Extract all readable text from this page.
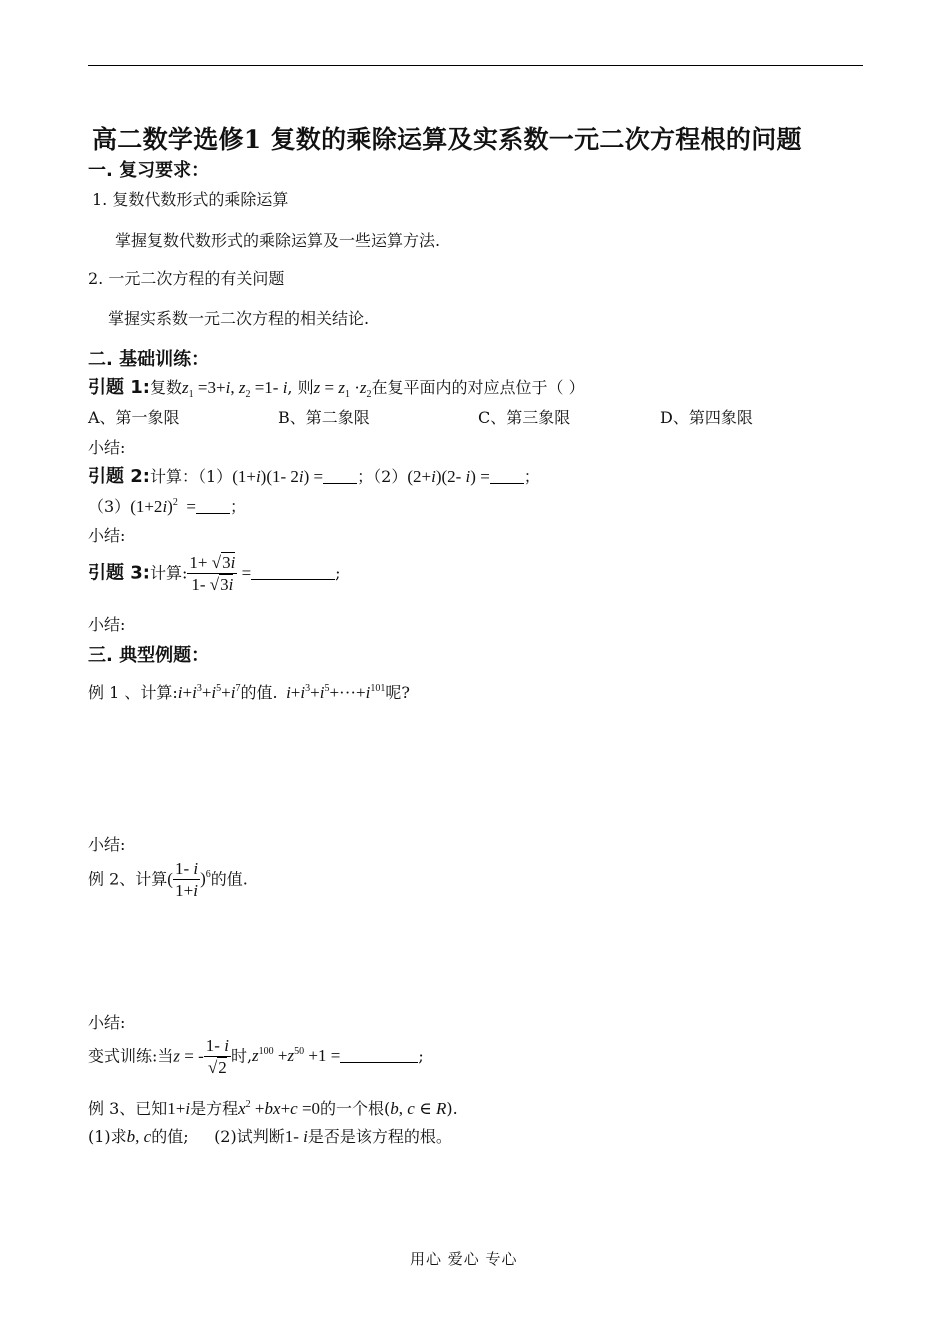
高二数学选修1 复数的乘除运算及实系数一元二次方程根的问题
一. 复习要求：
1. 复数代数形式的乘除运算
掌握复数代数形式的乘除运算及一些运算方法.
2. 一元二次方程的有关问题
掌握实系数一元二次方程的相关结论.
二. 基础训练：
引题 1:复数$z_1 =3+i$, $z_2 =1-$ i, 则$z = z_1 \cdot z_2$在复平面内的对应点位于（ ）
A、第一象限	B、第二象限	C、第三象限	D、第四象限
小结:
引题 2:计算：（1）(1+i)(1- 2i) = ；（2）(2+i)(2- i) = ；
$(3)(1+2i)^2$  = ；
小结:
引题 3:计算: $\frac{1+ √3i}{1- √3i}$ =	;
小结:
三. 典型例题：
例 1 、计算$:i+i^3+i^5+i^7$的值. $i+i^3+i^5+\cdot\cdot\cdot+i^{101}$呢?
小结:
例 2、计算( $\frac{1- i}{1+i} )^6$的值.
小结:
变式训练:当z = - $\frac{1- i}{√2}$ 时$,z^{100} +z^{50} +1$ =	;
例 3、已知1+i是方程$x^2 +bx+c =0$的一个根(b, c ∈ R).
(1)求b, c的值; (2)试判断1- i是否是该方程的根。
用心 爱心 专心
